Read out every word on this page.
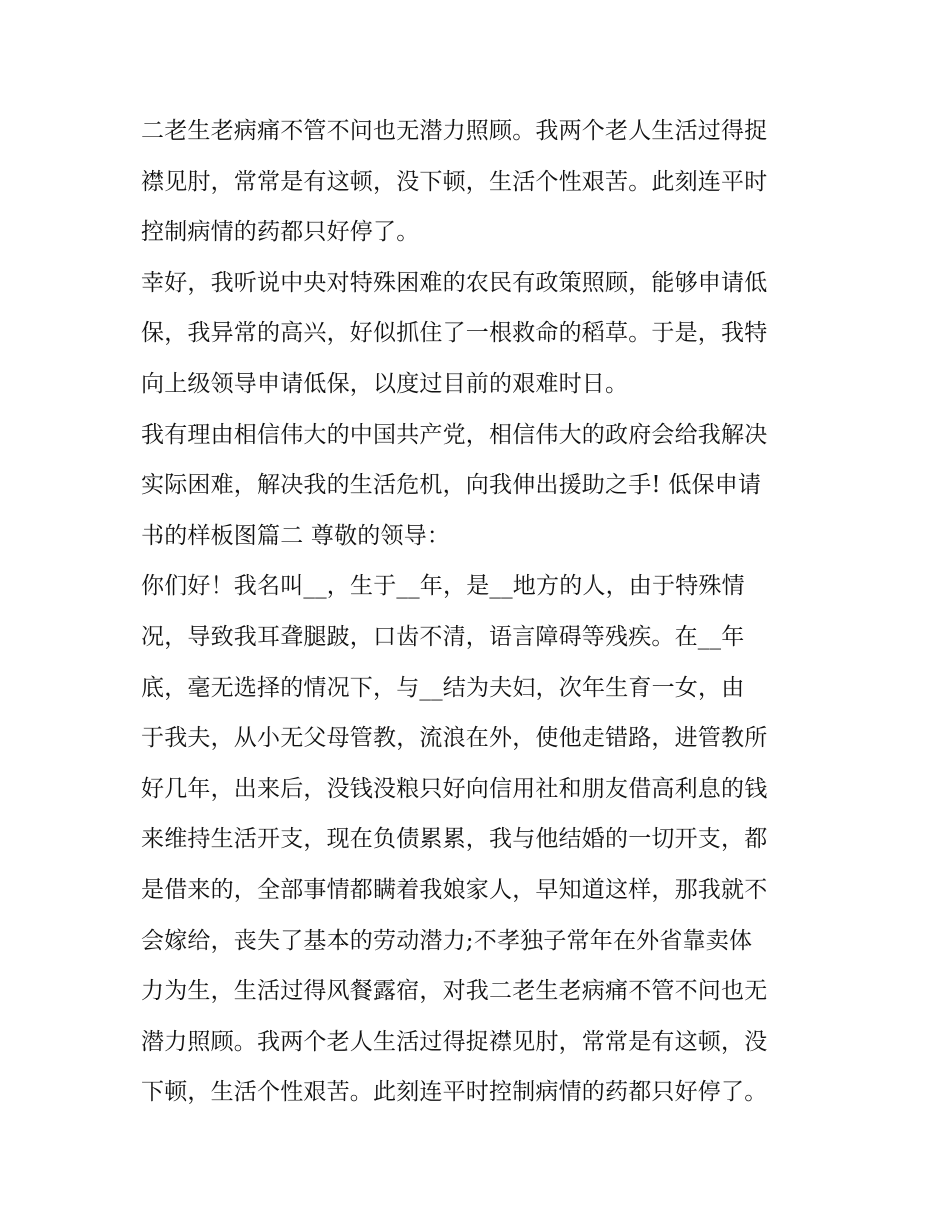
二老生老病痛不管不问也无潜力照顾。我两个老人生活过得捉
襟见肘，常常是有这顿，没下顿，生活个性艰苦。此刻连平时
控制病情的药都只好停了。
幸好，我听说中央对特殊困难的农民有政策照顾，能够申请低
保，我异常的高兴，好似抓住了一根救命的稻草。于是，我特
向上级领导申请低保，以度过目前的艰难时日。
我有理由相信伟大的中国共产党，相信伟大的政府会给我解决
实际困难，解决我的生活危机，向我伸出援助之手! 低保申请
书的样板图篇二 尊敬的领导：
你们好！我名叫__，生于__年，是__地方的人，由于特殊情
况，导致我耳聋腿跛，口齿不清，语言障碍等残疾。在__年
底，毫无选择的情况下，与__结为夫妇，次年生育一女，由
于我夫，从小无父母管教，流浪在外，使他走错路，进管教所
好几年，出来后，没钱没粮只好向信用社和朋友借高利息的钱
来维持生活开支，现在负债累累，我与他结婚的一切开支，都
是借来的，全部事情都瞒着我娘家人，早知道这样，那我就不
会嫁给，丧失了基本的劳动潜力;不孝独子常年在外省靠卖体
力为生，生活过得风餐露宿，对我二老生老病痛不管不问也无
潜力照顾。我两个老人生活过得捉襟见肘，常常是有这顿，没
下顿，生活个性艰苦。此刻连平时控制病情的药都只好停了。
